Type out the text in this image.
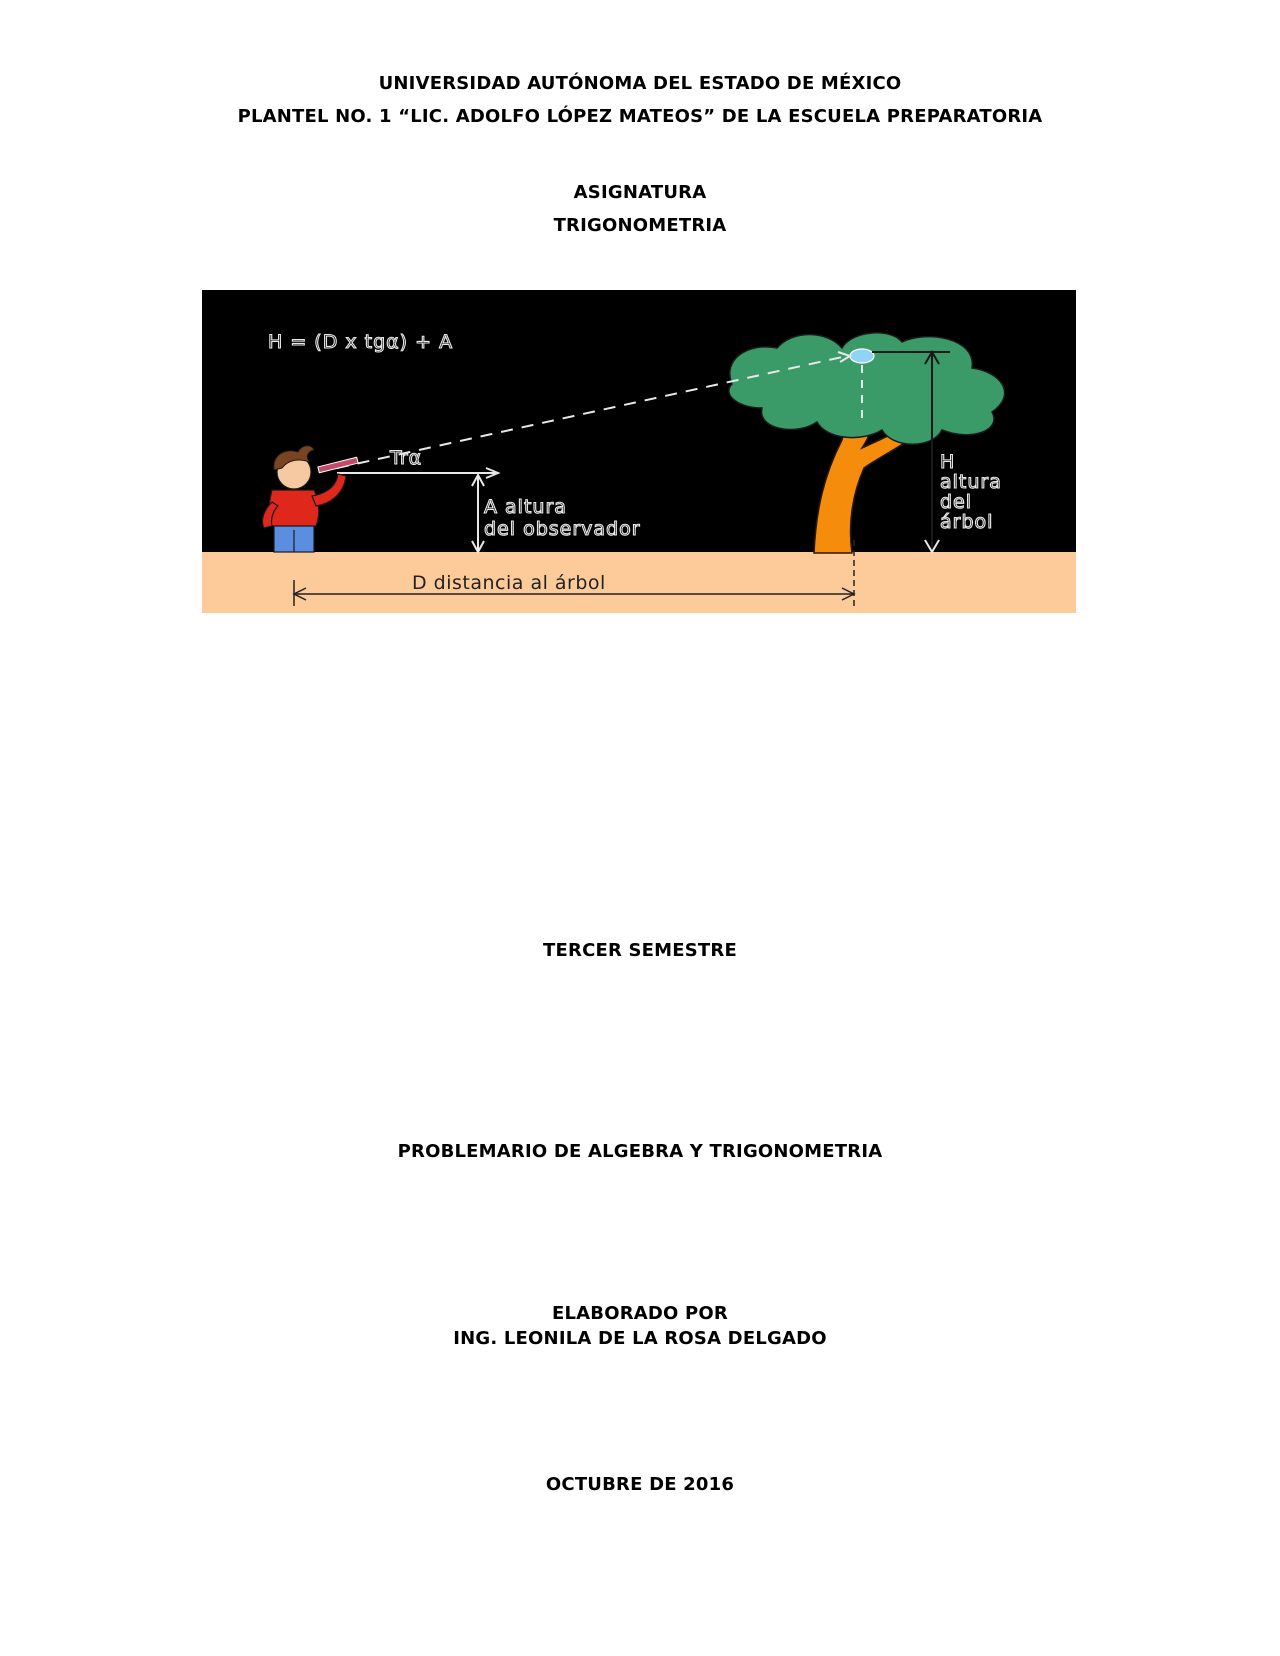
UNIVERSIDAD AUTÓNOMA DEL ESTADO DE MÉXICO
PLANTEL NO. 1 “LIC. ADOLFO LÓPEZ MATEOS” DE LA ESCUELA PREPARATORIA
ASIGNATURA
TRIGONOMETRIA
H = (D x tgα) + A
Trα
A altura
del observador
H
altura
del
árbol
D distancia al árbol
TERCER SEMESTRE
PROBLEMARIO DE ALGEBRA Y TRIGONOMETRIA
ELABORADO POR
ING. LEONILA DE LA ROSA DELGADO
OCTUBRE DE 2016
